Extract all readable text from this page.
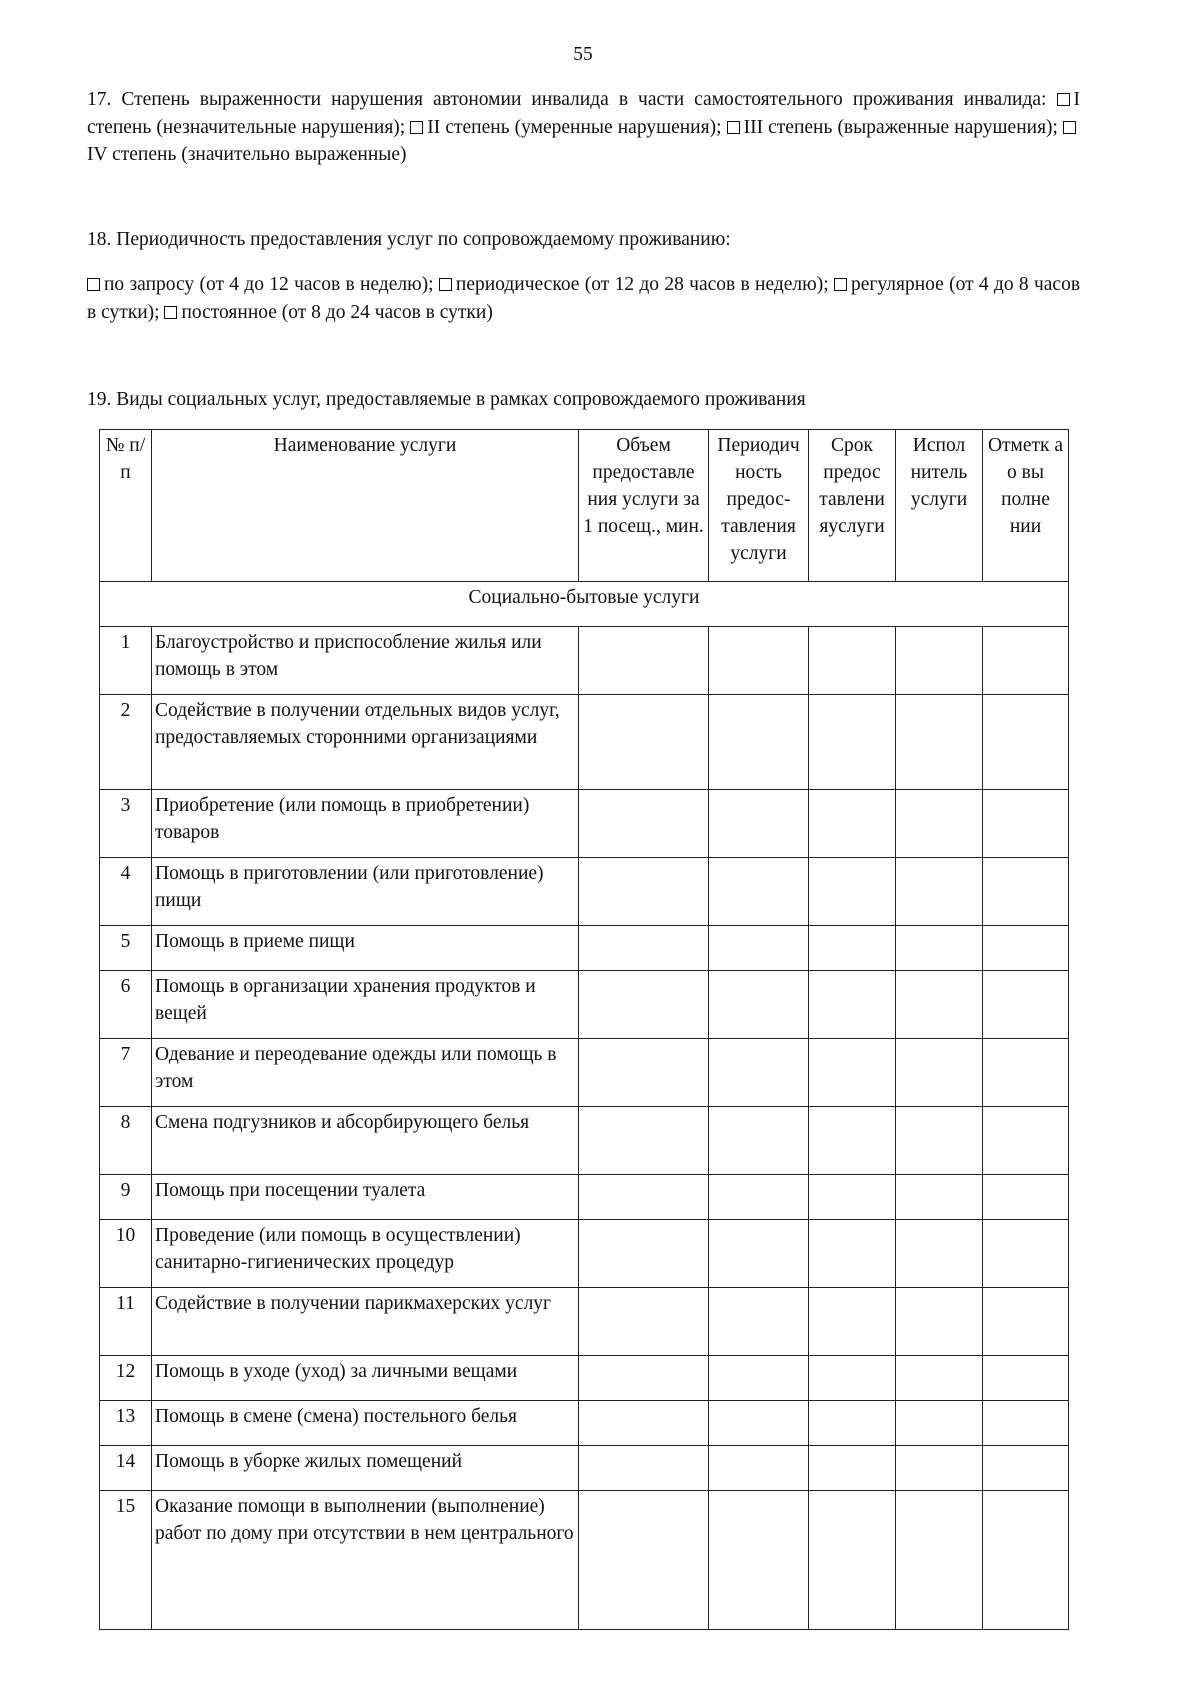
55
17. Степень выраженности нарушения автономии инвалида в части самостоятельного проживания инвалида: I степень (незначительные нарушения); II степень (умеренные нарушения); III степень (выраженные нарушения); IV степень (значительно выраженные)
18. Периодичность предоставления услуг по сопровождаемому проживанию:
по запросу (от 4 до 12 часов в неделю); периодическое (от 12 до 28 часов в неделю); регулярное (от 4 до 8 часов в сутки); постоянное (от 8 до 24 часов в сутки)
19. Виды социальных услуг, предоставляемые в рамках сопровождаемого проживания
№ п/п	Наименование услуги	Объем предоставле ния услуги за 1 посещ., мин.	Периодич ность предос- тавления услуги	Срок предос тавлени яуслуги	Испол нитель услуги	Отметк а о вы полне нии
Социально-бытовые услуги						
1	Благоустройство и приспособление жилья или помощь в этом					
2	Содействие в получении отдельных видов услуг, предоставляемых сторонними организациями					
3	Приобретение (или помощь в приобретении) товаров					
4	Помощь в приготовлении (или приготовление) пищи					
5	Помощь в приеме пищи					
6	Помощь в организации хранения продуктов и вещей					
7	Одевание и переодевание одежды или помощь в этом					
8	Смена подгузников и абсорбирующего белья					
9	Помощь при посещении туалета					
10	Проведение (или помощь в осуществлении) санитарно-гигиенических процедур					
11	Содействие в получении парикмахерских услуг					
12	Помощь в уходе (уход) за личными вещами					
13	Помощь в смене (смена) постельного белья					
14	Помощь в уборке жилых помещений					
15	Оказание помощи в выполнении (выполнение) работ по дому при отсутствии в нем центрального					
